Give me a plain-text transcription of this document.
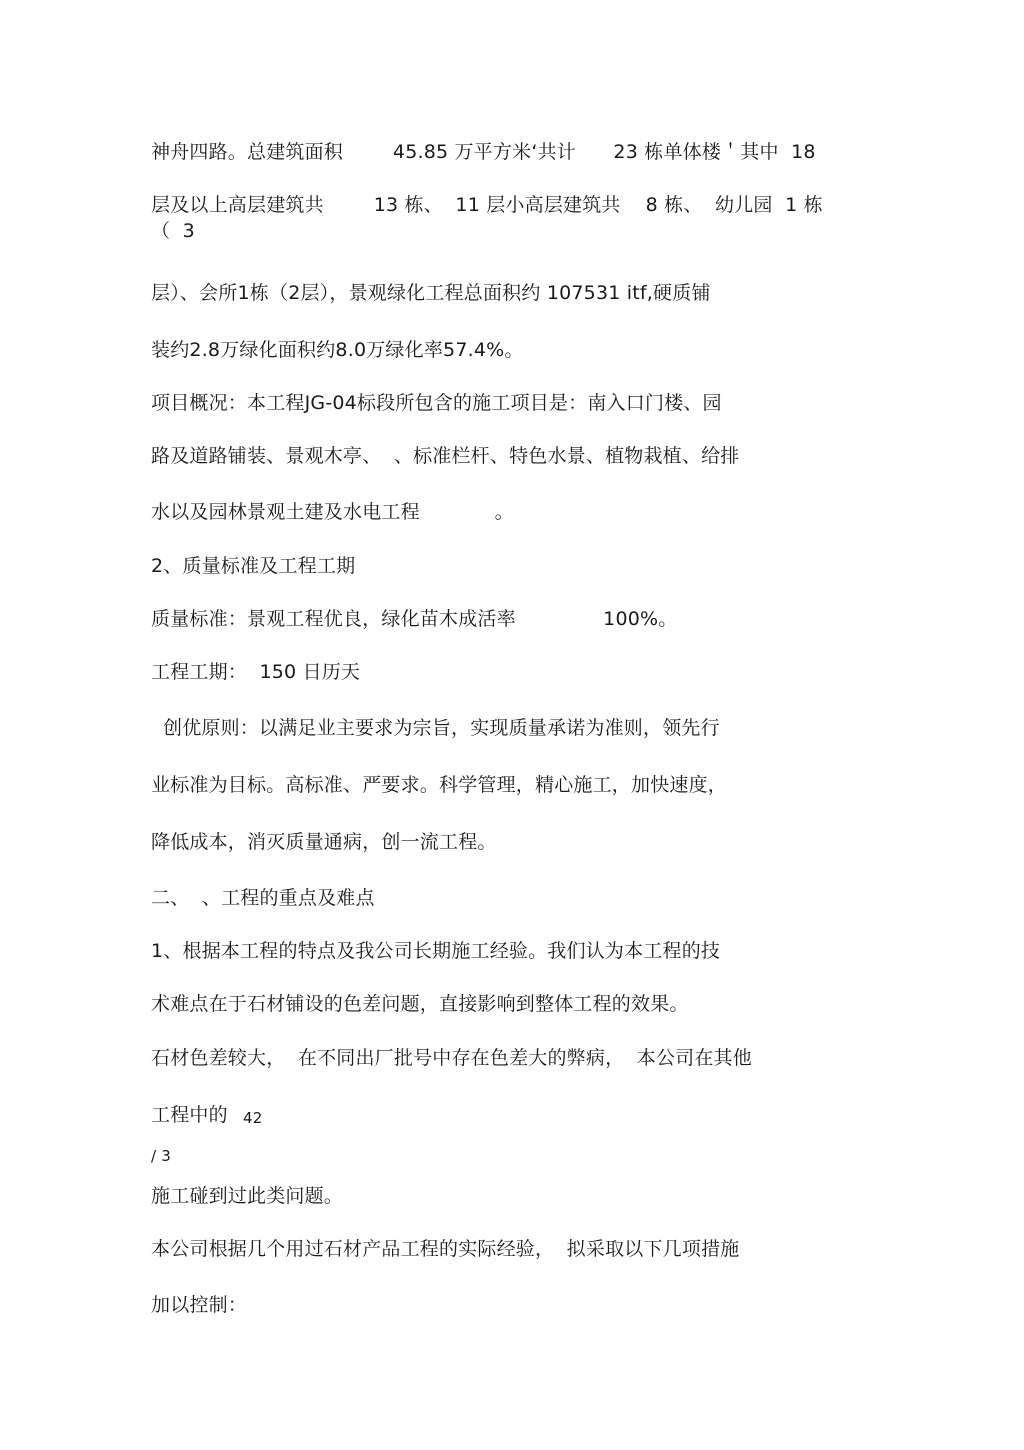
神舟四路。总建筑面积        45.85 万平方米‘共计      23 栋单体楼＇其中  18
层及以上高层建筑共        13 栋、  11 层小高层建筑共    8 栋、  幼儿园  1 栋
（  3
层）、会所1栋（2层），景观绿化工程总面积约 107531 itf,硬质铺
装约2.8万绿化面积约8.0万绿化率57.4%。
项目概况：本工程JG-04标段所包含的施工项目是：南入口门楼、园
路及道路铺装、景观木亭、  、标准栏杆、特色水景、植物栽植、给排
水以及园林景观土建及水电工程            。
2、质量标准及工程工期
质量标准：景观工程优良，绿化苗木成活率              100%。
工程工期：  150 日历天
创优原则：以满足业主要求为宗旨，实现质量承诺为准则，领先行
业标准为目标。高标准、严要求。科学管理，精心施工，加快速度，
降低成本，消灭质量通病，创一流工程。
二、  、工程的重点及难点
1、根据本工程的特点及我公司长期施工经验。我们认为本工程的技
术难点在于石材铺设的色差问题，直接影响到整体工程的效果。
石材色差较大，  在不同出厂批号中存在色差大的弊病，  本公司在其他
工程中的 42
/ 3
施工碰到过此类问题。
本公司根据几个用过石材产品工程的实际经验，  拟采取以下几项措施
加以控制：
